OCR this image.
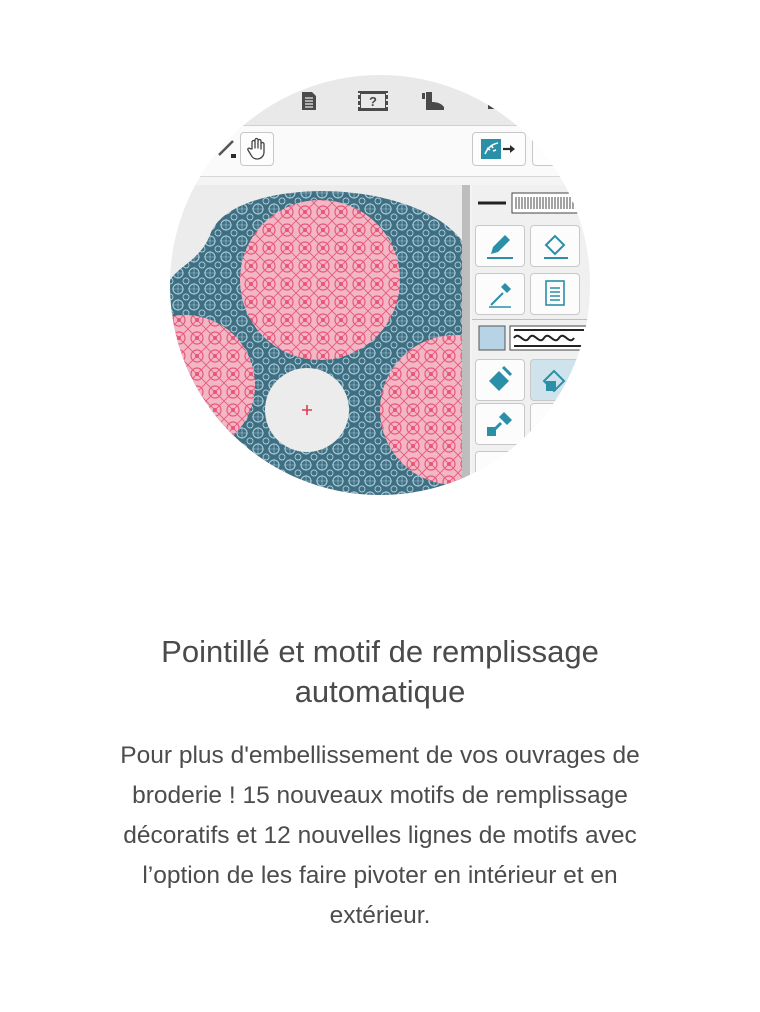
?
Pointillé et motif de remplissage
automatique

Pour plus d'embellissement de vos ouvrages de
broderie ! 15 nouveaux motifs de remplissage
décoratifs et 12 nouvelles lignes de motifs avec
l’option de les faire pivoter en intérieur et en
extérieur.
